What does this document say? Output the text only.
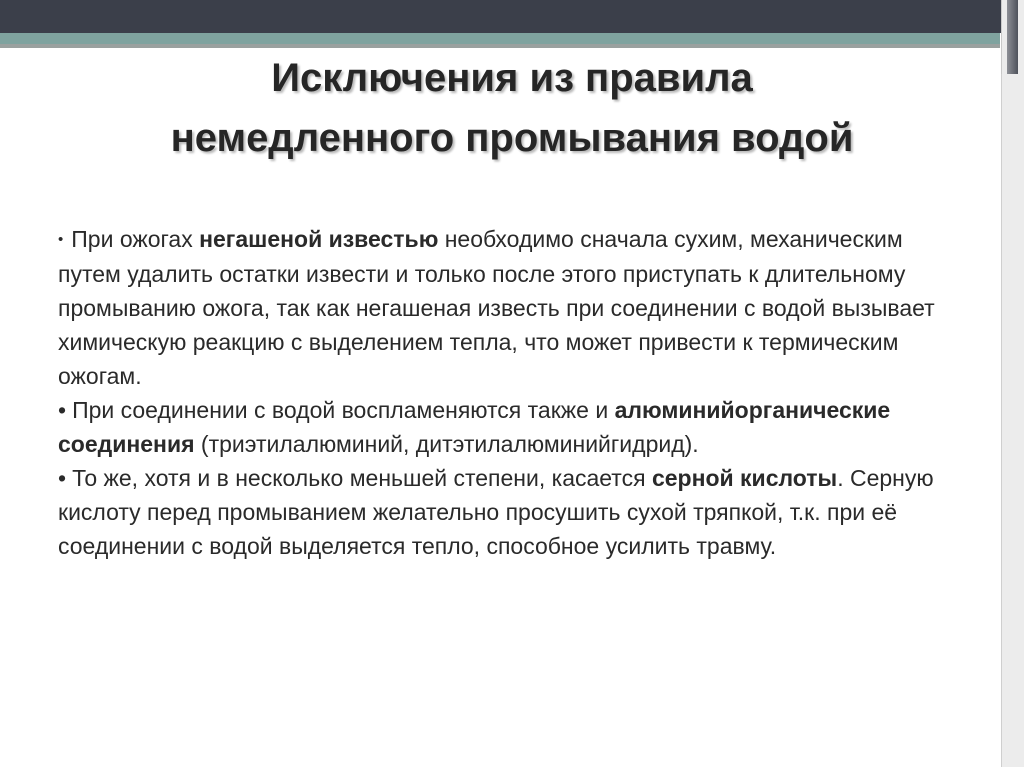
Исключения из правила
немедленного промывания водой

• При ожогах негашеной известью необходимо сначала сухим, механическим путем удалить остатки извести и только после этого приступать к длительному промыванию ожога, так как негашеная известь при соединении с водой вызывает химическую реакцию с выделением тепла, что может привести к термическим ожогам.

• При соединении с водой воспламеняются также и алюминийорганические соединения (триэтилалюминий, дитэтилалюминийгидрид).

• То же, хотя и в несколько меньшей степени, касается серной кислоты. Серную кислоту перед промыванием желательно просушить сухой тряпкой, т.к. при её соединении с водой выделяется тепло, способное усилить травму.
